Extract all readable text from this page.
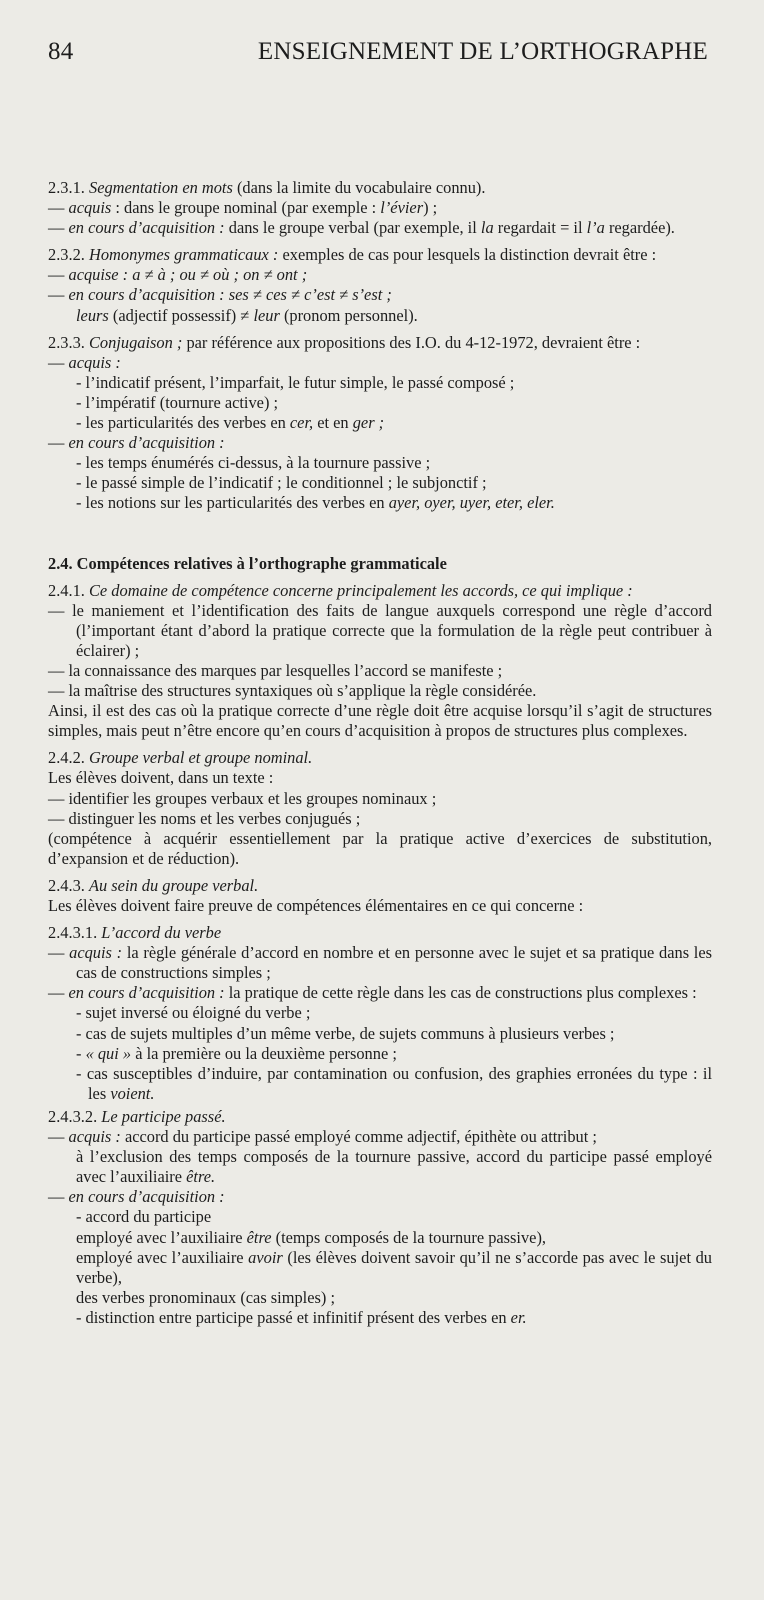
84	ENSEIGNEMENT DE L’ORTHOGRAPHE

2.3.1. Segmentation en mots (dans la limite du vocabulaire connu).

— acquis : dans le groupe nominal (par exemple : l’évier) ;

— en cours d’acquisition : dans le groupe verbal (par exemple, il la regardait = il l’a regardée).

2.3.2. Homonymes grammaticaux : exemples de cas pour lesquels la distinction devrait être :

— acquise : a ≠ à ; ou ≠ où ; on ≠ ont ;

— en cours d’acquisition : ses ≠ ces ≠ c’est ≠ s’est ;

leurs (adjectif possessif) ≠ leur (pronom personnel).

2.3.3. Conjugaison ; par référence aux propositions des I.O. du 4-12-1972, devraient être :

— acquis :

- l’indicatif présent, l’imparfait, le futur simple, le passé composé ;

- l’impératif (tournure active) ;

- les particularités des verbes en cer, et en ger ;

— en cours d’acquisition :

- les temps énumérés ci-dessus, à la tournure passive ;

- le passé simple de l’indicatif ; le conditionnel ; le subjonctif ;

- les notions sur les particularités des verbes en ayer, oyer, uyer, eter, eler.

2.4. Compétences relatives à l’orthographe grammaticale

2.4.1. Ce domaine de compétence concerne principalement les accords, ce qui implique :

— le maniement et l’identification des faits de langue auxquels correspond une règle d’accord (l’important étant d’abord la pratique correcte que la formulation de la règle peut contribuer à éclairer) ;

— la connaissance des marques par lesquelles l’accord se manifeste ;

— la maîtrise des structures syntaxiques où s’applique la règle considérée.

Ainsi, il est des cas où la pratique correcte d’une règle doit être acquise lorsqu’il s’agit de structures simples, mais peut n’être encore qu’en cours d’acquisition à propos de structures plus complexes.

2.4.2. Groupe verbal et groupe nominal.

Les élèves doivent, dans un texte :

— identifier les groupes verbaux et les groupes nominaux ;

— distinguer les noms et les verbes conjugués ;

(compétence à acquérir essentiellement par la pratique active d’exercices de substitution, d’expansion et de réduction).

2.4.3. Au sein du groupe verbal.

Les élèves doivent faire preuve de compétences élémentaires en ce qui concerne :

2.4.3.1. L’accord du verbe

— acquis : la règle générale d’accord en nombre et en personne avec le sujet et sa pratique dans les cas de constructions simples ;

— en cours d’acquisition : la pratique de cette règle dans les cas de constructions plus complexes :

- sujet inversé ou éloigné du verbe ;

- cas de sujets multiples d’un même verbe, de sujets communs à plusieurs verbes ;

- « qui » à la première ou la deuxième personne ;

- cas susceptibles d’induire, par contamination ou confusion, des graphies erronées du type : il les voient.

2.4.3.2. Le participe passé.

— acquis : accord du participe passé employé comme adjectif, épithète ou attribut ;

à l’exclusion des temps composés de la tournure passive, accord du participe passé employé avec l’auxiliaire être.

— en cours d’acquisition :

- accord du participe

employé avec l’auxiliaire être (temps composés de la tournure passive),

employé avec l’auxiliaire avoir (les élèves doivent savoir qu’il ne s’accorde pas avec le sujet du verbe),

des verbes pronominaux (cas simples) ;

- distinction entre participe passé et infinitif présent des verbes en er.
